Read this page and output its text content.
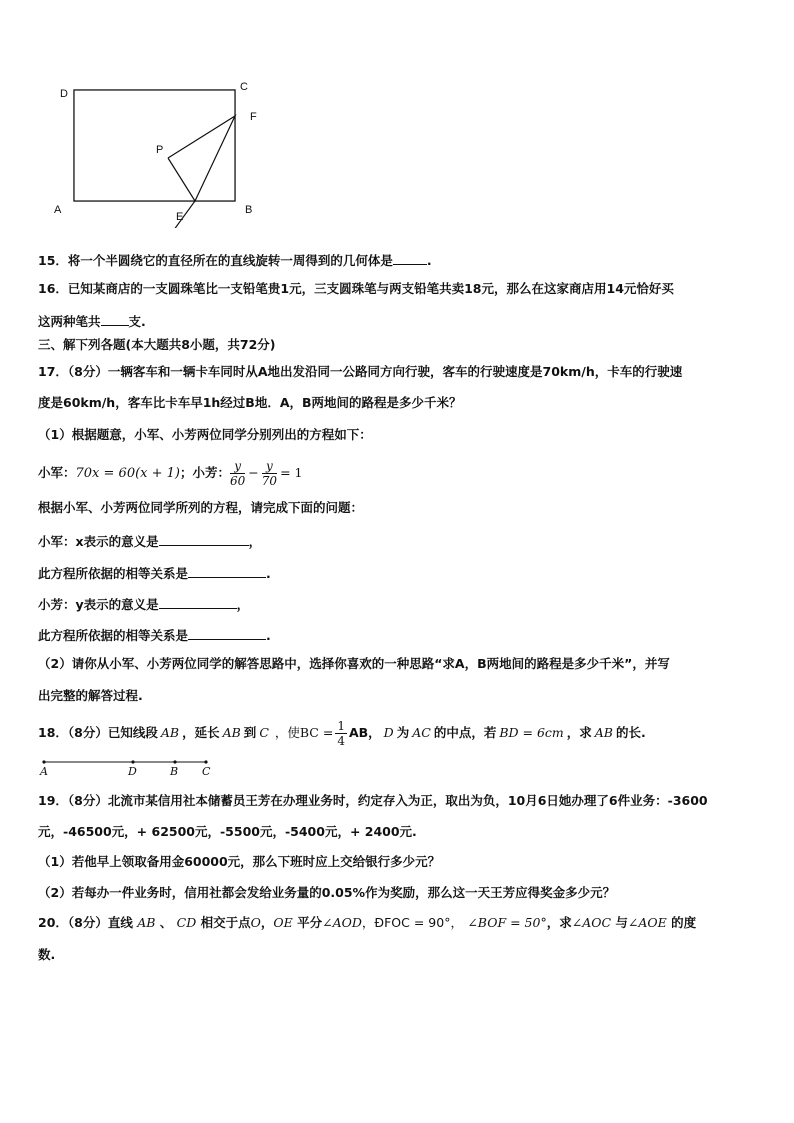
D
C
F
P
A
E
B
15．将一个半圆绕它的直径所在的直线旋转一周得到的几何体是	.
16．已知某商店的一支圆珠笔比一支铅笔贵1元，三支圆珠笔与两支铅笔共卖18元，那么在这家商店用14元恰好买
这两种笔共 支.
三、解下列各题(本大题共8小题，共72分)
17．（8分）一辆客车和一辆卡车同时从A地出发沿同一公路同方向行驶，客车的行驶速度是70km/h，卡车的行驶速
度是60km/h，客车比卡车早1h经过B地．A，B两地间的路程是多少千米？
（1）根据题意，小军、小芳两位同学分别列出的方程如下：
小军： 70x = 60(x + 1) ；小芳： $\frac{y}{60} - \frac{y}{70} = 1$
根据小军、小芳两位同学所列的方程，请完成下面的问题：
小军：x表示的意义是	，
此方程所依据的相等关系是	.
小芳：y表示的意义是	，
此方程所依据的相等关系是	.
（2）请你从小军、小芳两位同学的解答思路中，选择你喜欢的一种思路“求A，B两地间的路程是多少千米”，并写
出完整的解答过程.
18．（8分）已知线段 AB ，延长 AB 到 C ，使BC = $\frac{1}{4}$ AB， D 为 AC 的中点，若 BD = 6cm ，求 AB 的长.
A	D	B C
19．（8分）北流市某信用社本储蓄员王芳在办理业务时，约定存入为正，取出为负，10月6日她办理了6件业务：-3600
元，-46500元，+ 62500元，-5500元，-5400元，+ 2400元.
（1）若他早上领取备用金60000元，那么下班时应上交给银行多少元？
（2）若每办一件业务时，信用社都会发给业务量的0.05%作为奖励，那么这一天王芳应得奖金多少元？
20．（8分）直线 AB 、 CD 相交于点O，OE 平分∠AOD，ÐFOC = 90°， ∠BOF = 50°，求∠AOC 与∠AOE 的度
数.
